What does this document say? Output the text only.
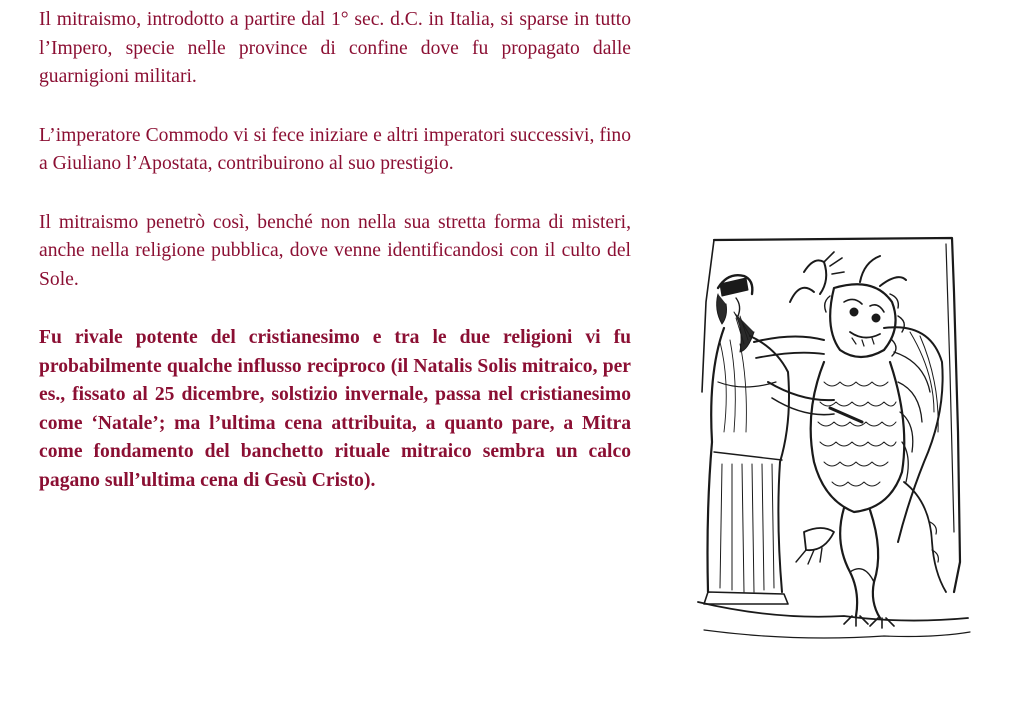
Il mitraismo, introdotto a partire dal 1° sec. d.C. in Italia, si sparse in tutto l’Impero, specie nelle province di confine dove fu propagato dalle guarnigioni militari.

L’imperatore Commodo vi si fece iniziare e altri imperatori successivi, fino a Giuliano l’Apostata, contribuirono al suo prestigio.

Il mitraismo penetrò così, benché non nella sua stretta forma di misteri, anche nella religione pubblica, dove venne identificandosi con il culto del Sole.

Fu rivale potente del cristianesimo e tra le due religioni vi fu probabilmente qualche influsso reciproco (il Natalis Solis mitraico, per es., fissato al 25 dicembre, solstizio invernale, passa nel cristianesimo come ‘Natale’; ma l’ultima cena attribuita, a quanto pare, a Mitra come fondamento del banchetto rituale mitraico sembra un calco pagano sull’ultima cena di Gesù Cristo).
